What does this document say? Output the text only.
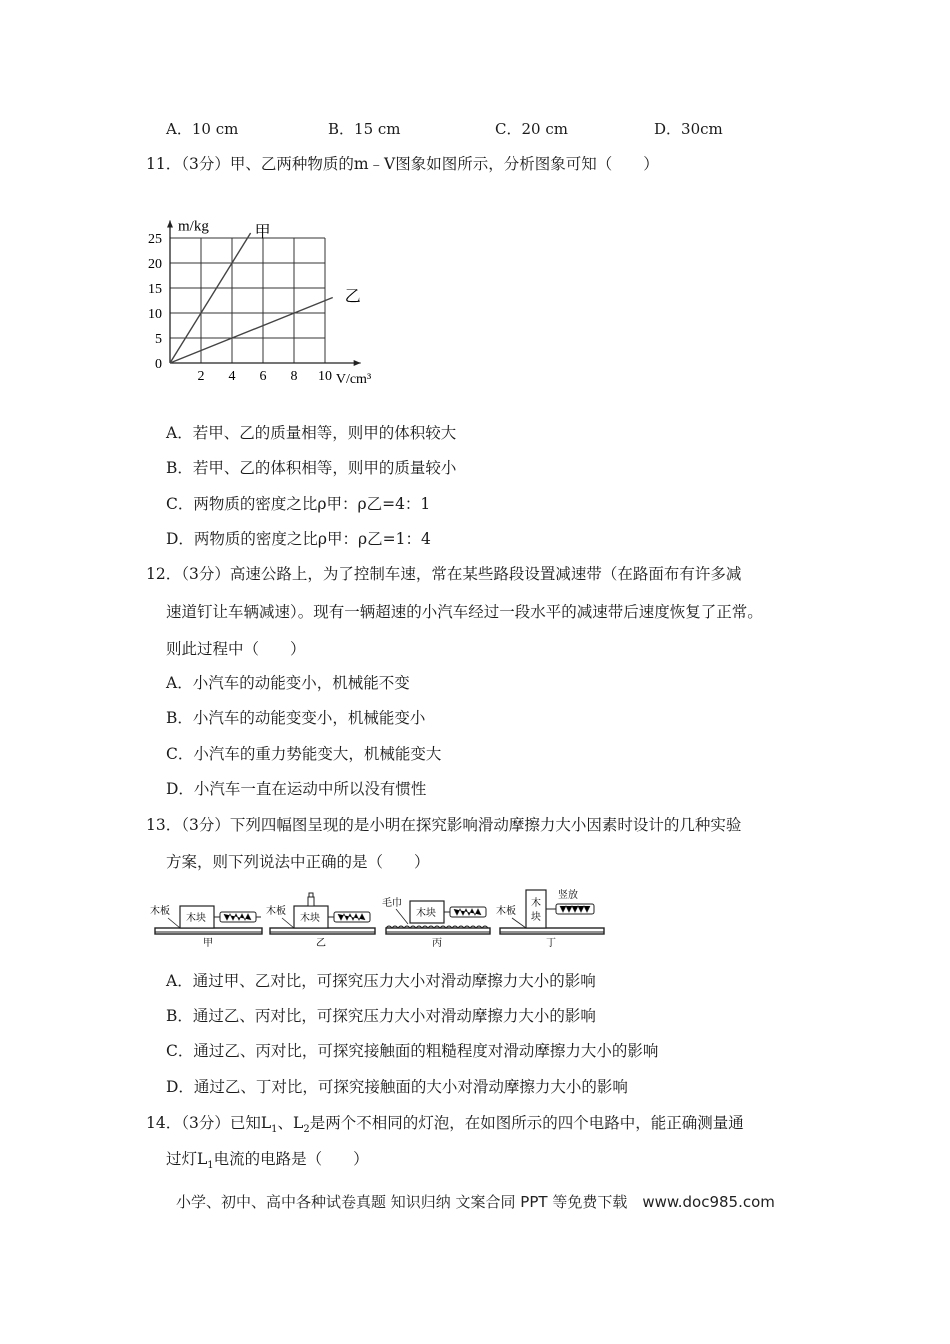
A．10 cm	B．15 cm	C．20 cm	D．30cm
11．（3分）甲、乙两种物质的m﹣V图象如图所示，分析图象可知（　　）
2 4 6 8 10
0
5
10
15
20
25
m/kg
V/cm³
甲
乙
A．若甲、乙的质量相等，则甲的体积较大
B．若甲、乙的体积相等，则甲的质量较小
C．两物质的密度之比ρ甲：ρ乙=4：1
D．两物质的密度之比ρ甲：ρ乙=1：4
12．（3分）高速公路上，为了控制车速，常在某些路段设置减速带（在路面布有许多减
速道钉让车辆减速）。现有一辆超速的小汽车经过一段水平的减速带后速度恢复了正常。
则此过程中（　　）
A．小汽车的动能变小，机械能不变
B．小汽车的动能变变小，机械能变小
C．小汽车的重力势能变大，机械能变大
D．小汽车一直在运动中所以没有惯性
13．（3分）下列四幅图呈现的是小明在探究影响滑动摩擦力大小因素时设计的几种实验
方案，则下列说法中正确的是（　　）
木板
木块
甲
木板
木块
乙
毛巾
木块
丙
木板
木
块
竖放
丁
A．通过甲、乙对比，可探究压力大小对滑动摩擦力大小的影响
B．通过乙、丙对比，可探究压力大小对滑动摩擦力大小的影响
C．通过乙、丙对比，可探究接触面的粗糙程度对滑动摩擦力大小的影响
D．通过乙、丁对比，可探究接触面的大小对滑动摩擦力大小的影响
14．（3分）已知$L_1$、$L_2$是两个不相同的灯泡，在如图所示的四个电路中，能正确测量通
过灯$L_1$电流的电路是（　　）
小学、初中、高中各种试卷真题 知识归纳 文案合同 PPT 等免费下载　www.doc985.com
